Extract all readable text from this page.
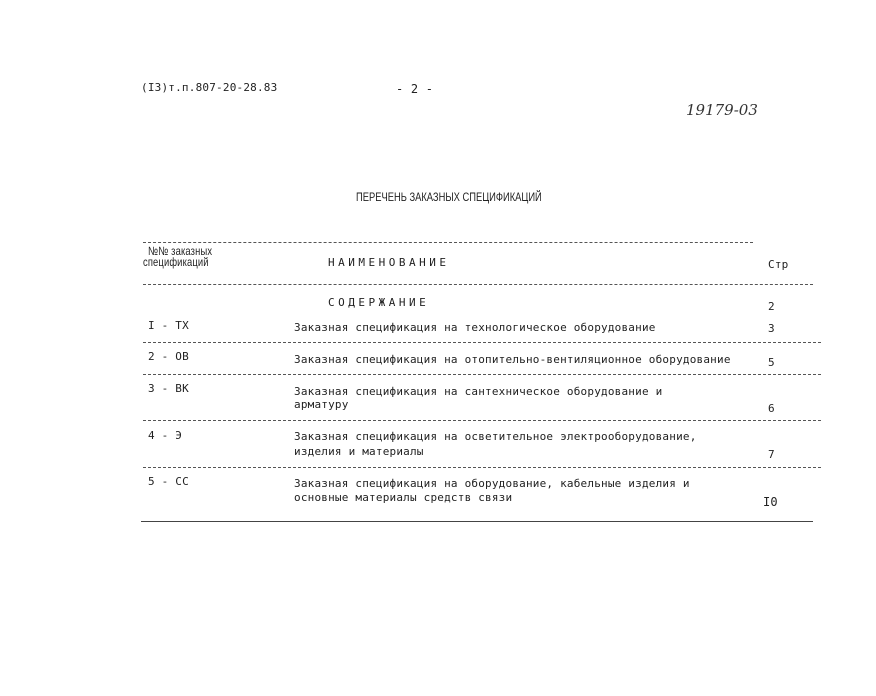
(ІЗ)т.п.807-20-28.83	- 2 -
19179-03
ПЕРЕЧЕНЬ ЗАКАЗНЫХ СПЕЦИФИКАЦИЙ
№№ заказных
спецификаций	НАИМЕНОВАНИЕ	Стр
СОДЕРЖАНИЕ	2
I - ТХ	Заказная спецификация на технологическое оборудование	3
2 - ОВ	Заказная спецификация на отопительно-вентиляционное оборудование	5
3 - ВК	Заказная спецификация на сантехническое оборудование и
арматуру	6
4 - Э	Заказная спецификация на осветительное электрооборудование,
изделия и материалы	7
5 - СС	Заказная спецификация на оборудование, кабельные изделия и
основные материалы средств связи	I0
